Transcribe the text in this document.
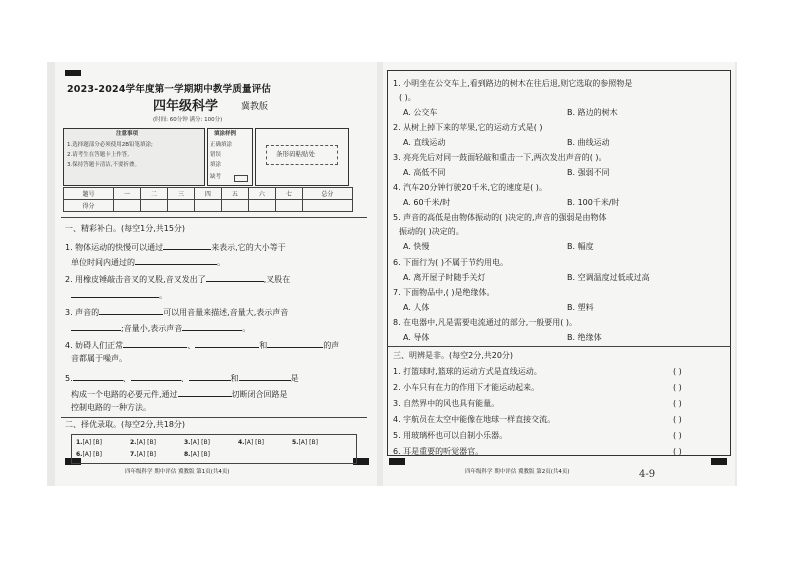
2023-2024学年度第一学期期中教学质量评估
四年级科学	冀教版
(时间: 60分钟 满分: 100分)
注意事项
1.选择题部分必须使用2B铅笔填涂;
2.请考生在答题卡上作答,
3.保持答题卡清洁,不要折叠。
填涂样例
正确填涂
错误
填涂
缺考
条形码粘贴处
题号	一	二	三	四	五	六	七	总分
得分								
一、精彩补白。(每空1分,共15分)
1. 物体运动的快慢可以通过	来表示,它的大小等于
单位时间内通过的	。
2. 用橡皮锤敲击音叉的叉股,音叉发出了	,叉股在
。
3. 声音的	可以用音量来描述,音量大,表示声音
;音量小,表示声音	。
4. 妨碍人们正常	、	和	的声
音都属于噪声。
5.	、	、	和	是
构成一个电路的必要元件,通过	切断闭合回路是
控制电路的一种方法。
二、择优录取。(每空2分,共18分)
1.[A] [B]	2.[A] [B]	3.[A] [B]	4.[A] [B]	5.[A] [B]
6.[A] [B]	7.[A] [B]	8.[A] [B]
四年级科学 期中评估 冀教版 第1页(共4页)
1. 小明坐在公交车上,看到路边的树木在往后退,则它选取的参照物是
( )。
A. 公交车	B. 路边的树木
2. 从树上掉下来的苹果,它的运动方式是( )
A. 直线运动	B. 曲线运动
3. 亮亮先后对同一鼓面轻敲和重击一下,两次发出声音的( )。
A. 高低不同	B. 强弱不同
4. 汽车20分钟行驶20千米,它的速度是( )。
A. 60千米/时	B. 100千米/时
5. 声音的高低是由物体振动的( )决定的,声音的强弱是由物体
振动的( )决定的。
A. 快慢	B. 幅度
6. 下面行为( )不属于节约用电。
A. 离开屋子时随手关灯	B. 空调温度过低或过高
7. 下面物品中,( )是绝缘体。
A. 人体	B. 塑料
8. 在电器中,凡是需要电流通过的部分,一般要用( )。
A. 导体	B. 绝缘体
三、明辨是非。(每空2分,共20分)
1. 打篮球时,篮球的运动方式是直线运动。	( )
2. 小车只有在力的作用下才能运动起来。	( )
3. 自然界中的风也具有能量。	( )
4. 宇航员在太空中能像在地球一样直接交流。	( )
5. 用玻璃杯也可以自制小乐器。	( )
6. 耳是重要的听觉器官。	( )
四年级科学 期中评估 冀教版 第2页(共4页)	4-9
